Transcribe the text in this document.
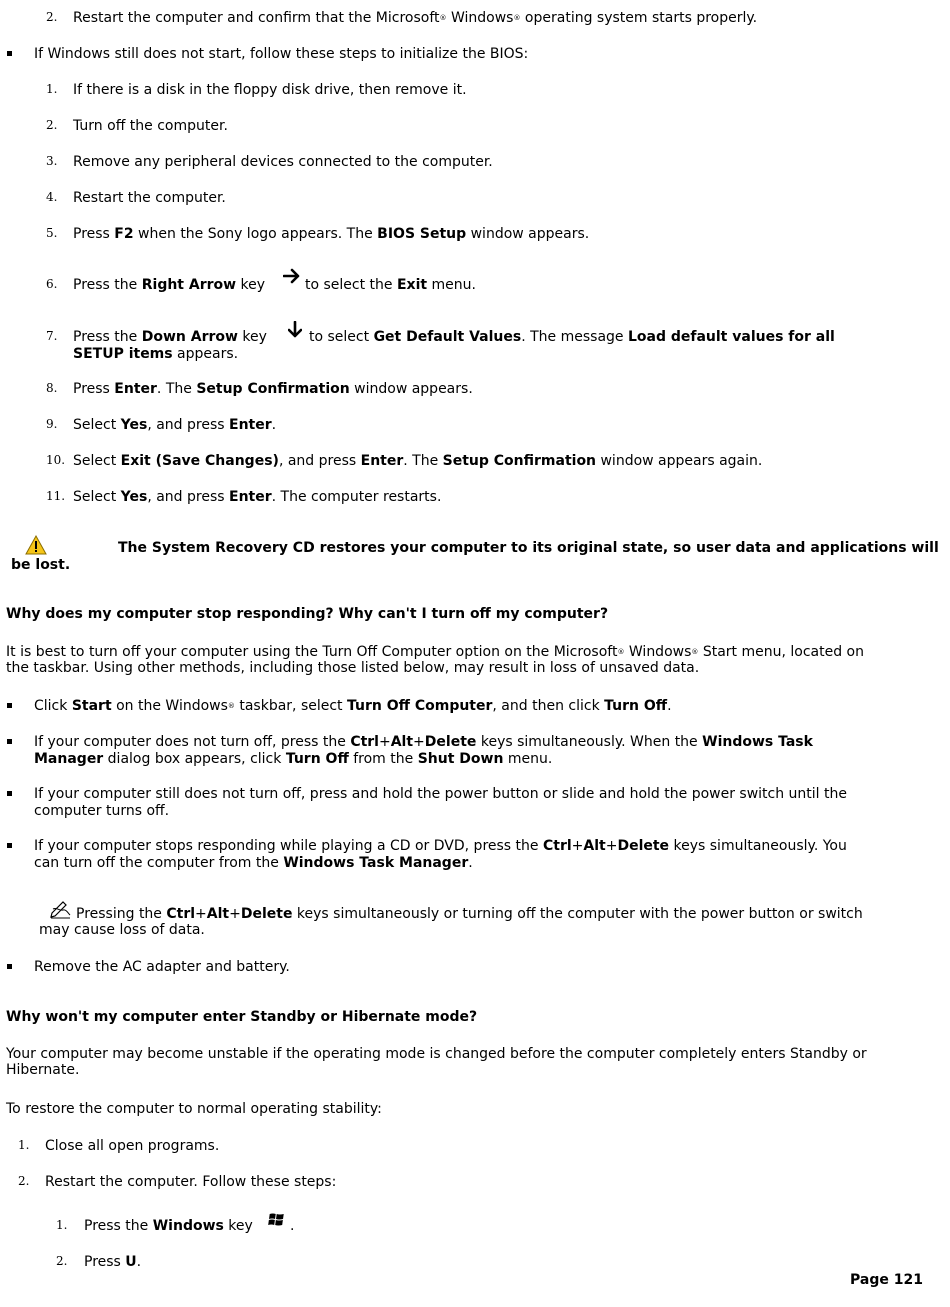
2. Restart the computer and confirm that the Microsoft® Windows® operating system starts properly.
If Windows still does not start, follow these steps to initialize the BIOS:
1. If there is a disk in the floppy disk drive, then remove it.
2. Turn off the computer.
3. Remove any peripheral devices connected to the computer.
4. Restart the computer.
5. Press F2 when the Sony logo appears. The BIOS Setup window appears.
6. Press the Right Arrow key	to select the Exit menu.
7. Press the Down Arrow key	to select Get Default Values. The message Load default values for all
SETUP items appears.
8. Press Enter. The Setup Confirmation window appears.
9. Select Yes, and press Enter.
10. Select Exit (Save Changes), and press Enter. The Setup Confirmation window appears again.
11. Select Yes, and press Enter. The computer restarts.
The System Recovery CD restores your computer to its original state, so user data and applications will
be lost.
Why does my computer stop responding? Why can't I turn off my computer?
It is best to turn off your computer using the Turn Off Computer option on the Microsoft® Windows® Start menu, located on
the taskbar. Using other methods, including those listed below, may result in loss of unsaved data.
Click Start on the Windows® taskbar, select Turn Off Computer, and then click Turn Off.
If your computer does not turn off, press the Ctrl+Alt+Delete keys simultaneously. When the Windows Task
Manager dialog box appears, click Turn Off from the Shut Down menu.
If your computer still does not turn off, press and hold the power button or slide and hold the power switch until the
computer turns off.
If your computer stops responding while playing a CD or DVD, press the Ctrl+Alt+Delete keys simultaneously. You
can turn off the computer from the Windows Task Manager.
Pressing the Ctrl+Alt+Delete keys simultaneously or turning off the computer with the power button or switch
may cause loss of data.
Remove the AC adapter and battery.
Why won't my computer enter Standby or Hibernate mode?
Your computer may become unstable if the operating mode is changed before the computer completely enters Standby or
Hibernate.
To restore the computer to normal operating stability:
1. Close all open programs.
2. Restart the computer. Follow these steps:
1. Press the Windows key	.
2. Press U.
Page 121
